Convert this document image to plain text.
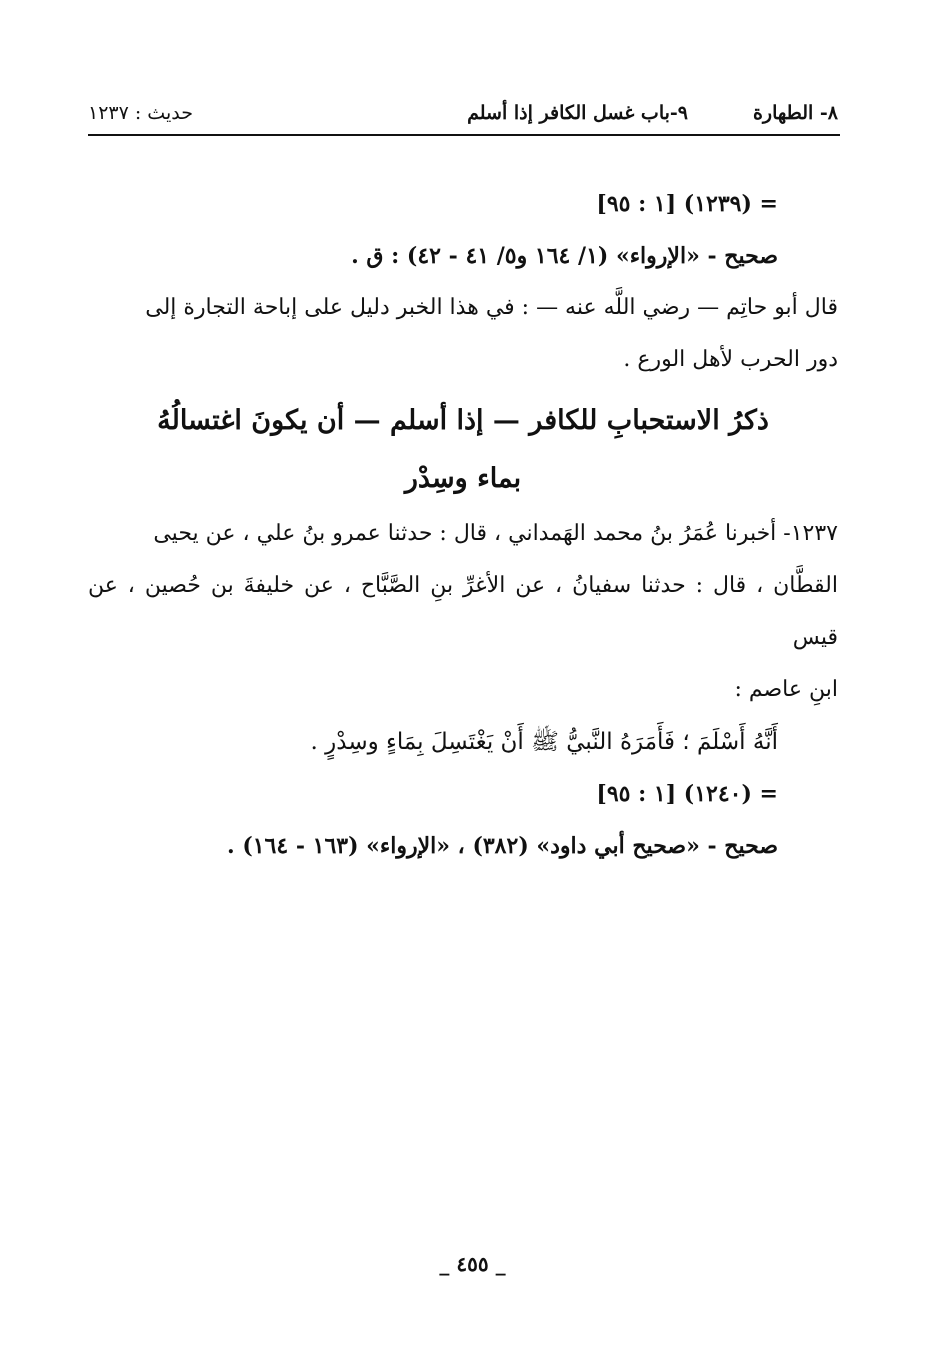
٨- الطهارة
٩-باب غسل الكافر إذا أسلم
حديث : ١٢٣٧
= (١٢٣٩) [١ : ٩٥]
صحيح - «الإرواء» (١/ ١٦٤ و٥/ ٤١ - ٤٢) : ق .
قال أبو حاتِم — رضي اللَّه عنه — : في هذا الخبر دليل على إباحة التجارة إلى
دور الحرب لأهل الورع .
ذكرُ الاستحبابِ للكافر — إذا أسلم — أن يكونَ اغتسالُهُ
بماء وسِدْر
١٢٣٧- أخبرنا عُمَرُ بنُ محمد الهَمداني ، قال : حدثنا عمرو بنُ علي ، عن يحيى
القطَّان ، قال : حدثنا سفيانُ ، عن الأغرِّ بنِ الصَّبَّاح ، عن خليفةَ بن حُصين ، عن قيس
ابنِ عاصم :
أَنَّهُ أَسْلَمَ ؛ فَأَمَرَهُ النَّبيُّ ﷺ أَنْ يَغْتَسِلَ بِمَاءٍ وسِدْرٍ .
= (١٢٤٠) [١ : ٩٥]
صحيح - «صحيح أبي داود» (٣٨٢) ، «الإرواء» (١٦٣ - ١٦٤) .
_ ٤٥٥ _
